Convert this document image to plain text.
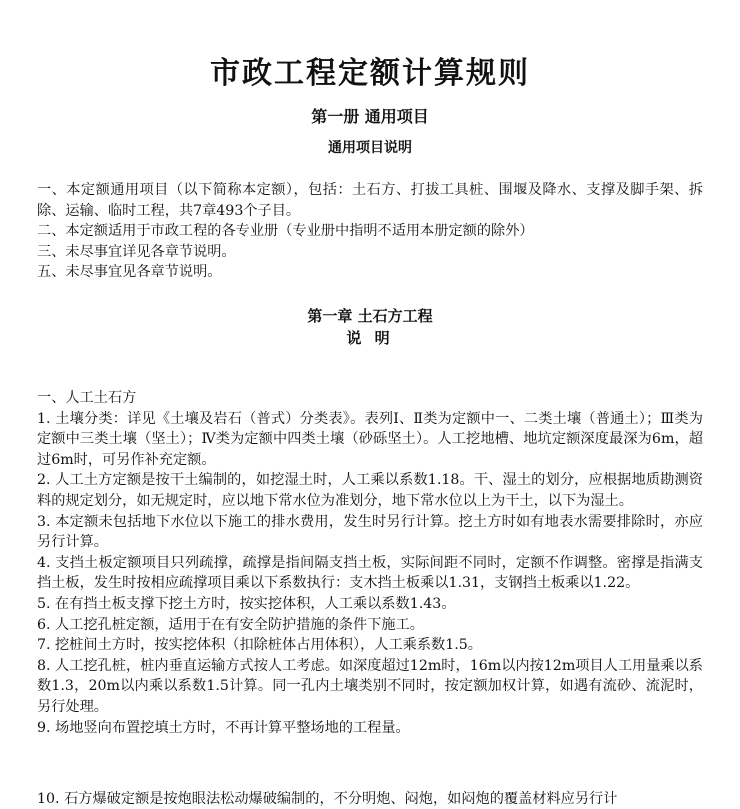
市政工程定额计算规则
第一册 通用项目
通用项目说明

一、本定额通用项目（以下简称本定额），包括：土石方、打拔工具桩、围堰及降水、支撑及脚手架、拆除、运输、临时工程，共7章493个子目。

二、本定额适用于市政工程的各专业册（专业册中指明不适用本册定额的除外）

三、未尽事宜详见各章节说明。

五、未尽事宜见各章节说明。

第一章 土石方工程
说 明

一、人工土石方

1. 土壤分类：详见《土壤及岩石（普式）分类表》。表列Ⅰ、Ⅱ类为定额中一、二类土壤（普通土）；Ⅲ类为定额中三类土壤（坚土）；Ⅳ类为定额中四类土壤（砂砾坚土）。人工挖地槽、地坑定额深度最深为6m，超过6m时，可另作补充定额。

2. 人工土方定额是按干土编制的，如挖湿土时，人工乘以系数1.18。干、湿土的划分，应根据地质勘测资料的规定划分，如无规定时，应以地下常水位为准划分，地下常水位以上为干土，以下为湿土。

3. 本定额未包括地下水位以下施工的排水费用，发生时另行计算。挖土方时如有地表水需要排除时，亦应另行计算。

4. 支挡土板定额项目只列疏撑，疏撑是指间隔支挡土板，实际间距不同时，定额不作调整。密撑是指满支挡土板，发生时按相应疏撑项目乘以下系数执行：支木挡土板乘以1.31，支钢挡土板乘以1.22。

5. 在有挡土板支撑下挖土方时，按实挖体积，人工乘以系数1.43。

6. 人工挖孔桩定额，适用于在有安全防护措施的条件下施工。

7. 挖桩间土方时，按实挖体积（扣除桩体占用体积），人工乘系数1.5。

8. 人工挖孔桩，桩内垂直运输方式按人工考虑。如深度超过12m时，16m以内按12m项目人工用量乘以系数1.3，20m以内乘以系数1.5计算。同一孔内土壤类别不同时，按定额加权计算，如遇有流砂、流泥时，另行处理。

9. 场地竖向布置挖填土方时，不再计算平整场地的工程量。

10. 石方爆破定额是按炮眼法松动爆破编制的，不分明炮、闷炮，如闷炮的覆盖材料应另行计
